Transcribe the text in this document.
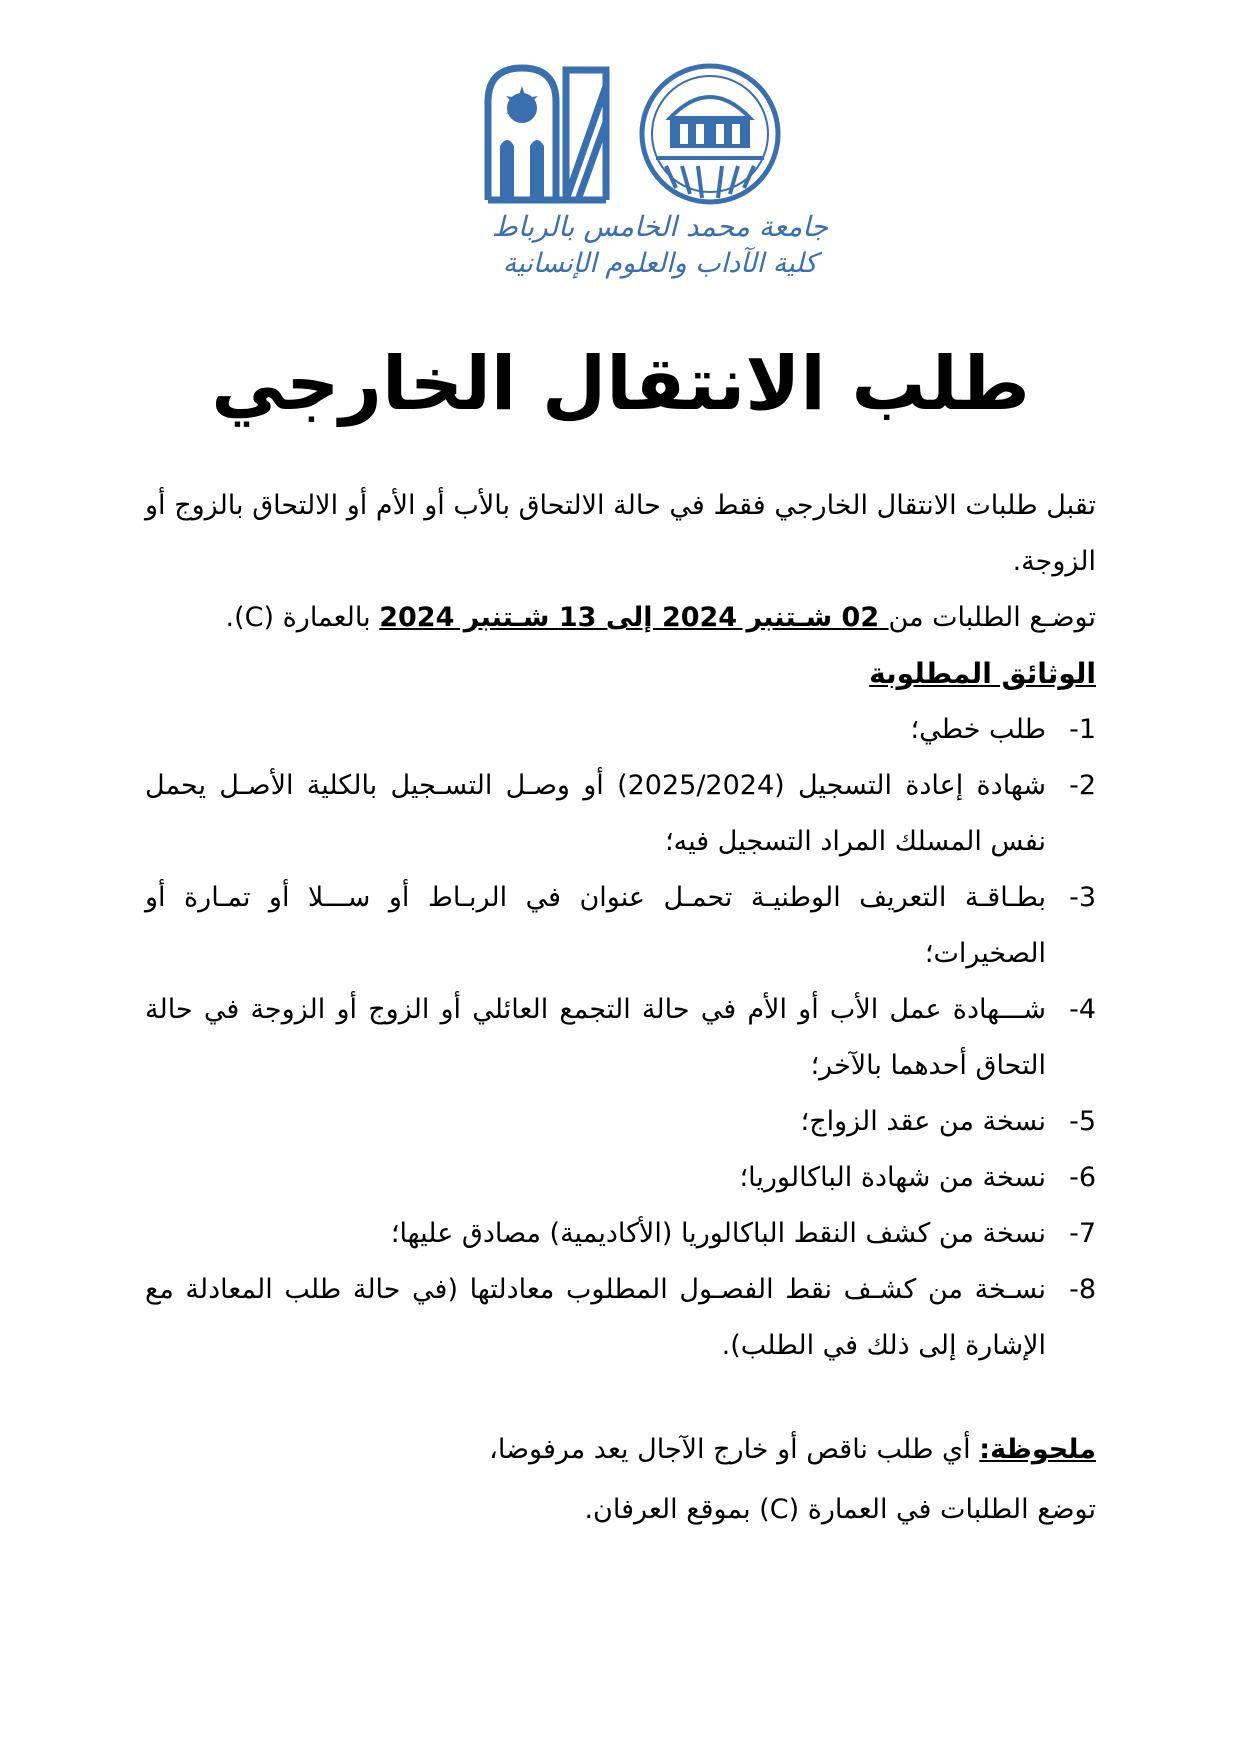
جامعة محمد الخامس بالرباط
كلية الآداب والعلوم الإنسانية
طلب الانتقال الخارجي

تقبل طلبات الانتقال الخارجي فقط في حالة الالتحاق بالأب أو الأم أو الالتحاق بالزوج أو الزوجة.

توضـع الطلبات من 02 شـتنبر 2024 إلى 13 شـتنبر 2024 بالعمارة (C).

الوثائق المطلوبة

1-
طلب خطي؛
2-
شهادة إعادة التسجيل (2025/2024) أو وصـل التسـجيل بالكلية الأصـل يحمل نفس المسلك المراد التسجيل فيه؛
3-
بطـاقـة التعريف الوطنيـة تحمـل عنوان في الربـاط أو ســـلا أو تمـارة أو الصخيرات؛
4-
شـــهادة عمل الأب أو الأم في حالة التجمع العائلي أو الزوج أو الزوجة في حالة التحاق أحدهما بالآخر؛
5-
نسخة من عقد الزواج؛
6-
نسخة من شهادة الباكالوريا؛
7-
نسخة من كشف النقط الباكالوريا (الأكاديمية) مصادق عليها؛
8-
نسـخة من كشـف نقط الفصـول المطلوب معادلتها (في حالة طلب المعادلة مع الإشارة إلى ذلك في الطلب).

ملحوظة: أي طلب ناقص أو خارج الآجال يعد مرفوضا،

توضع الطلبات في العمارة (C) بموقع العرفان.
